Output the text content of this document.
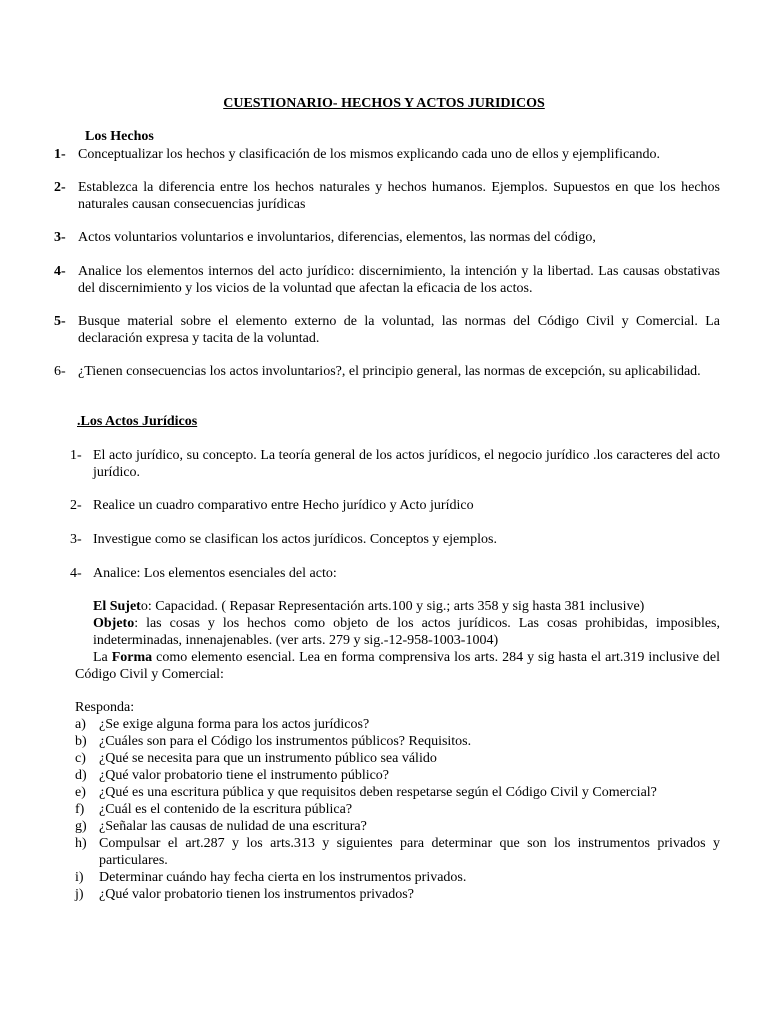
CUESTIONARIO- HECHOS Y ACTOS JURIDICOS
Los Hechos
1- Conceptualizar los hechos y clasificación de los mismos explicando cada uno de ellos y ejemplificando.
2- Establezca la diferencia entre los hechos naturales y hechos humanos. Ejemplos. Supuestos en que los hechos naturales causan consecuencias jurídicas
3- Actos voluntarios voluntarios e involuntarios, diferencias, elementos, las normas del código,
4- Analice los elementos internos del acto jurídico: discernimiento, la intención y la libertad. Las causas obstativas del discernimiento y los vicios de la voluntad que afectan la eficacia de los actos.
5- Busque material sobre el elemento externo de la voluntad, las normas del Código Civil y Comercial. La declaración expresa y tacita de la voluntad.
6- ¿Tienen consecuencias los actos involuntarios?, el principio general, las normas de excepción, su aplicabilidad.
.Los Actos Jurídicos
1- El acto jurídico, su concepto. La teoría general de los actos jurídicos, el negocio jurídico .los caracteres del acto jurídico.
2- Realice un cuadro comparativo entre Hecho jurídico y Acto jurídico
3- Investigue como se clasifican los actos jurídicos. Conceptos y ejemplos.
4- Analice: Los elementos esenciales del acto:
El Sujeto: Capacidad. ( Repasar Representación arts.100 y sig.; arts 358 y sig hasta 381 inclusive)
Objeto: las cosas y los hechos como objeto de los actos jurídicos. Las cosas prohibidas, imposibles, indeterminadas, innenajenables. (ver arts. 279 y sig.-12-958-1003-1004)
La Forma como elemento esencial. Lea en forma comprensiva los arts. 284 y sig hasta el art.319 inclusive del Código Civil y Comercial:
Responda:
a) ¿Se exige alguna forma para los actos jurídicos?
b) ¿Cuáles son para el Código los instrumentos públicos? Requisitos.
c) ¿Qué se necesita para que un instrumento público sea válido
d) ¿Qué valor probatorio tiene el instrumento público?
e) ¿Qué es una escritura pública y que requisitos deben respetarse según el Código Civil y Comercial?
f) ¿Cuál es el contenido de la escritura pública?
g) ¿Señalar las causas de nulidad de una escritura?
h) Compulsar el art.287 y los arts.313 y siguientes para determinar que son los instrumentos privados y particulares.
i) Determinar cuándo hay fecha cierta en los instrumentos privados.
j) ¿Qué valor probatorio tienen los instrumentos privados?
